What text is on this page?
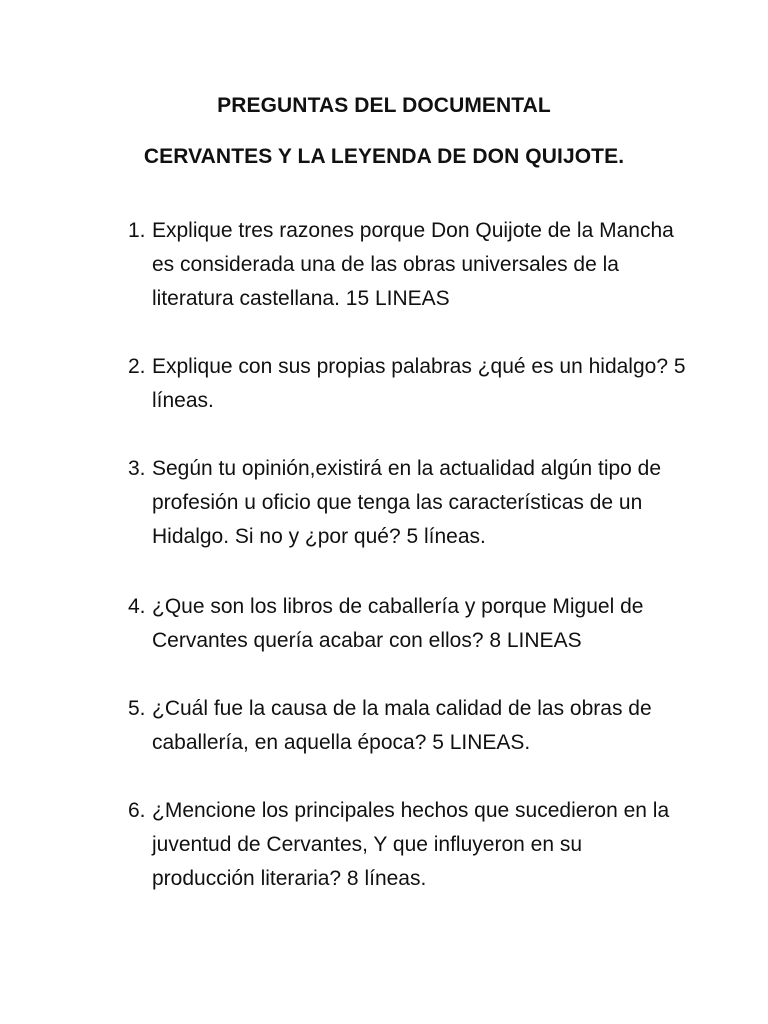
PREGUNTAS DEL DOCUMENTAL
CERVANTES Y LA LEYENDA DE DON QUIJOTE.
1. Explique tres razones porque Don Quijote de la Mancha es considerada una de las obras universales de la literatura castellana. 15 LINEAS
2. Explique con sus propias palabras ¿qué es un hidalgo? 5 líneas.
3. Según tu opinión,existirá en la actualidad algún tipo de profesión u oficio que tenga las características de un Hidalgo. Si no y ¿por qué? 5 líneas.
4. ¿Que son los libros de caballería y porque Miguel de Cervantes quería acabar con ellos? 8 LINEAS
5. ¿Cuál fue la causa de la mala calidad de las obras de caballería, en aquella época? 5 LINEAS.
6. ¿Mencione los principales hechos que sucedieron en la juventud de Cervantes, Y que influyeron en su producción literaria? 8 líneas.
